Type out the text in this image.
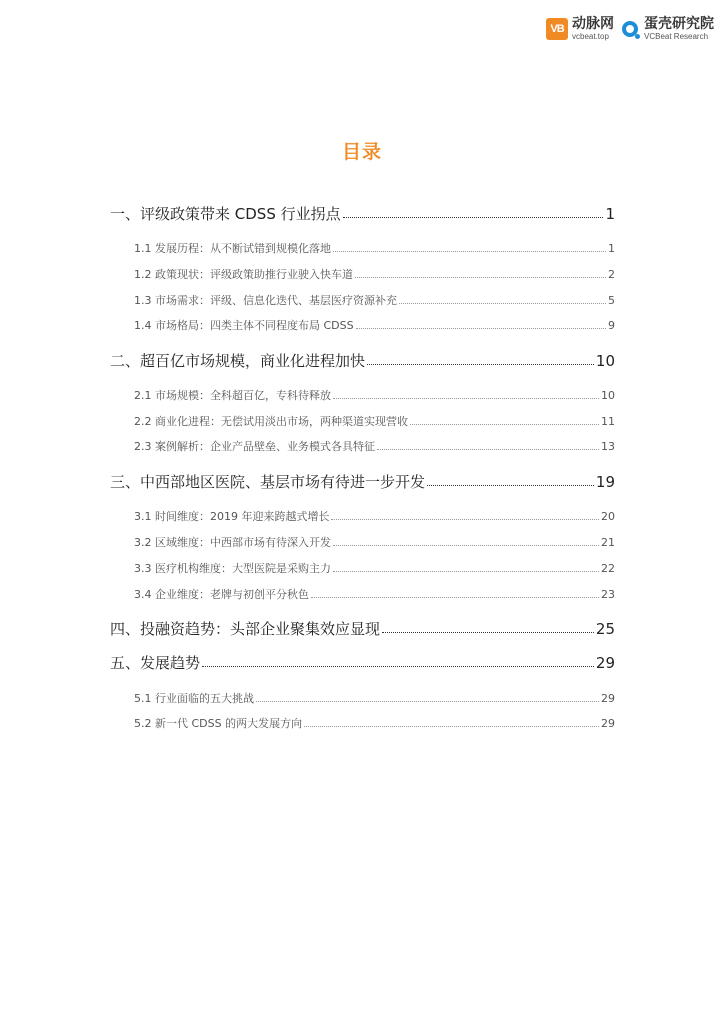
VB 动脉网
vcbeat.top
蛋壳研究院
VCBeat Research
目录
一、评级政策带来 CDSS 行业拐点	1
1.1 发展历程：从不断试错到规模化落地	1
1.2 政策现状：评级政策助推行业驶入快车道	2
1.3 市场需求：评级、信息化迭代、基层医疗资源补充	5
1.4 市场格局：四类主体不同程度布局 CDSS	9
二、超百亿市场规模，商业化进程加快	10
2.1 市场规模：全科超百亿，专科待释放	10
2.2 商业化进程：无偿试用淡出市场，两种渠道实现营收	11
2.3 案例解析：企业产品壁垒、业务模式各具特征	13
三、中西部地区医院、基层市场有待进一步开发	19
3.1 时间维度：2019 年迎来跨越式增长	20
3.2 区域维度：中西部市场有待深入开发	21
3.3 医疗机构维度：大型医院是采购主力	22
3.4 企业维度：老牌与初创平分秋色	23
四、投融资趋势：头部企业聚集效应显现	25
五、发展趋势	29
5.1 行业面临的五大挑战	29
5.2 新一代 CDSS 的两大发展方向	29
